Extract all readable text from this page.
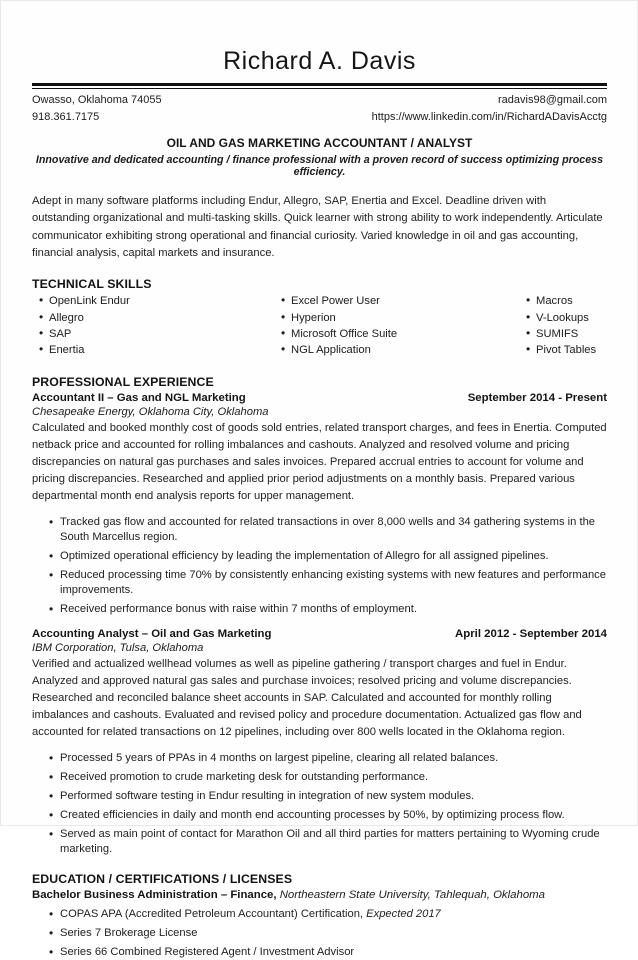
Richard A. Davis
Owasso, Oklahoma 74055
918.361.7175
radavis98@gmail.com
https://www.linkedin.com/in/RichardADavisAcctg
OIL AND GAS MARKETING ACCOUNTANT / ANALYST
Innovative and dedicated accounting / finance professional with a proven record of success optimizing process efficiency.

Adept in many software platforms including Endur, Allegro, SAP, Enertia and Excel. Deadline driven with outstanding organizational and multi-tasking skills. Quick learner with strong ability to work independently. Articulate communicator exhibiting strong operational and financial curiosity. Varied knowledge in oil and gas accounting, financial analysis, capital markets and insurance.

TECHNICAL SKILLS
• OpenLink Endur
• Allegro
• SAP
• Enertia
• Excel Power User
• Hyperion
• Microsoft Office Suite
• NGL Application
• Macros
• V-Lookups
• SUMIFS
• Pivot Tables
PROFESSIONAL EXPERIENCE
Accountant II – Gas and NGL Marketing	September 2014 - Present
Chesapeake Energy, Oklahoma City, Oklahoma

Calculated and booked monthly cost of goods sold entries, related transport charges, and fees in Enertia. Computed netback price and accounted for rolling imbalances and cashouts. Analyzed and resolved volume and pricing discrepancies on natural gas purchases and sales invoices. Prepared accrual entries to account for volume and pricing discrepancies. Researched and applied prior period adjustments on a monthly basis. Prepared various departmental month end analysis reports for upper management.

• Tracked gas flow and accounted for related transactions in over 8,000 wells and 34 gathering systems in the South Marcellus region.
• Optimized operational efficiency by leading the implementation of Allegro for all assigned pipelines.
• Reduced processing time 70% by consistently enhancing existing systems with new features and performance improvements.
• Received performance bonus with raise within 7 months of employment.
Accounting Analyst – Oil and Gas Marketing	April 2012 - September 2014
IBM Corporation, Tulsa, Oklahoma

Verified and actualized wellhead volumes as well as pipeline gathering / transport charges and fuel in Endur. Analyzed and approved natural gas sales and purchase invoices; resolved pricing and volume discrepancies. Researched and reconciled balance sheet accounts in SAP. Calculated and accounted for monthly rolling imbalances and cashouts. Evaluated and revised policy and procedure documentation. Actualized gas flow and accounted for related transactions on 12 pipelines, including over 800 wells located in the Oklahoma region.

• Processed 5 years of PPAs in 4 months on largest pipeline, clearing all related balances.
• Received promotion to crude marketing desk for outstanding performance.
• Performed software testing in Endur resulting in integration of new system modules.
• Created efficiencies in daily and month end accounting processes by 50%, by optimizing process flow.
• Served as main point of contact for Marathon Oil and all third parties for matters pertaining to Wyoming crude marketing.
EDUCATION / CERTIFICATIONS / LICENSES
Bachelor Business Administration – Finance, Northeastern State University, Tahlequah, Oklahoma
• COPAS APA (Accredited Petroleum Accountant) Certification, Expected 2017
• Series 7 Brokerage License
• Series 66 Combined Registered Agent / Investment Advisor
